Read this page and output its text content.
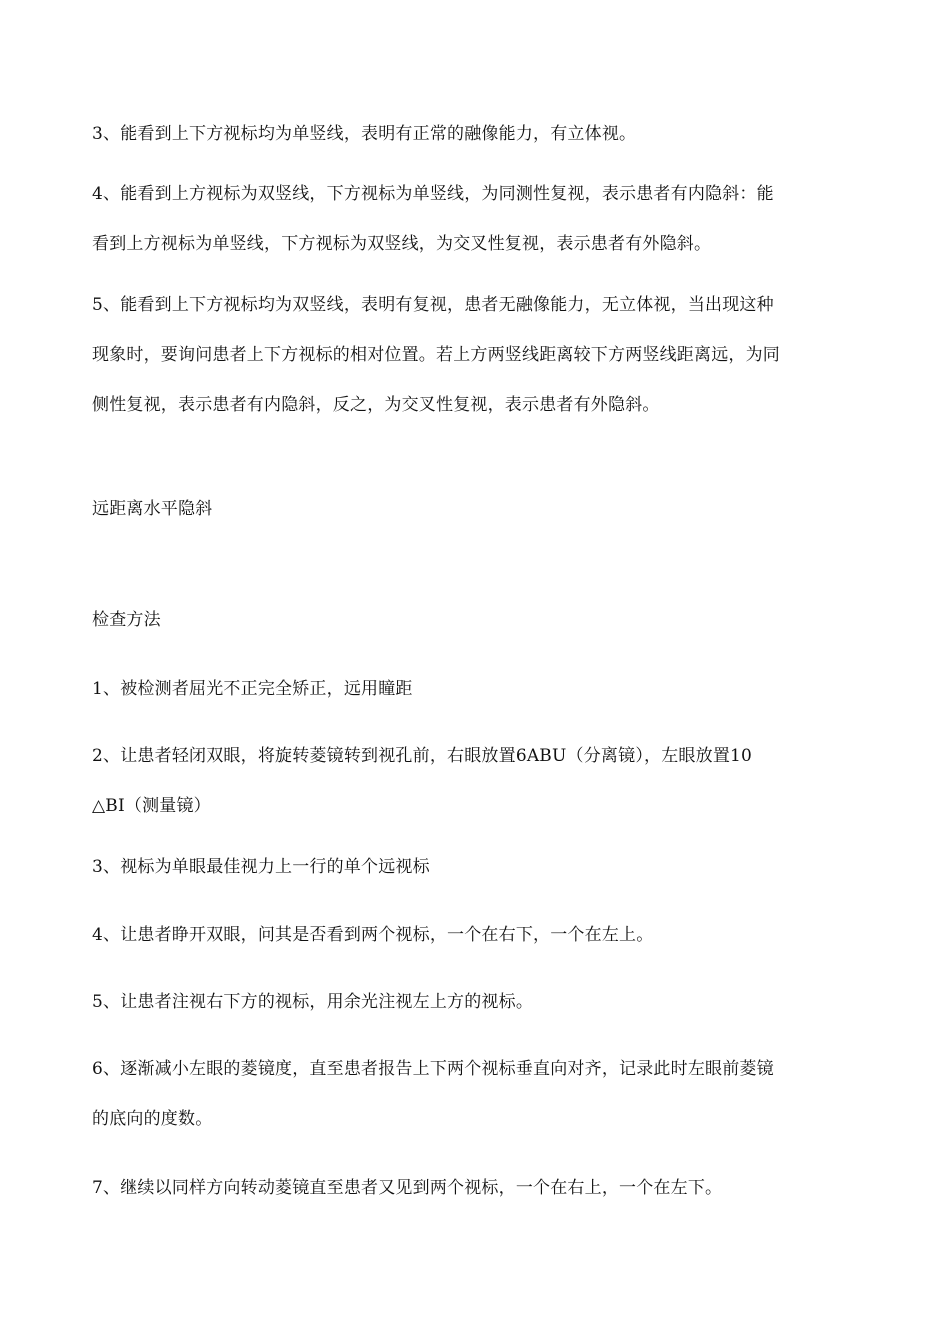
3、能看到上下方视标均为单竖线，表明有正常的融像能力，有立体视。

4、能看到上方视标为双竖线，下方视标为单竖线，为同测性复视，表示患者有内隐斜：能
看到上方视标为单竖线，下方视标为双竖线，为交叉性复视，表示患者有外隐斜。

5、能看到上下方视标均为双竖线，表明有复视，患者无融像能力，无立体视，当出现这种
现象时，要询问患者上下方视标的相对位置。若上方两竖线距离较下方两竖线距离远，为同
侧性复视，表示患者有内隐斜，反之，为交叉性复视，表示患者有外隐斜。

远距离水平隐斜

检查方法

1、被检测者屈光不正完全矫正，远用瞳距

2、让患者轻闭双眼，将旋转菱镜转到视孔前，右眼放置6ABU（分离镜），左眼放置10
△BI（测量镜）

3、视标为单眼最佳视力上一行的单个远视标

4、让患者睁开双眼，问其是否看到两个视标，一个在右下，一个在左上。

5、让患者注视右下方的视标，用余光注视左上方的视标。

6、逐渐减小左眼的菱镜度，直至患者报告上下两个视标垂直向对齐，记录此时左眼前菱镜
的底向的度数。

7、继续以同样方向转动菱镜直至患者又见到两个视标，一个在右上，一个在左下。
